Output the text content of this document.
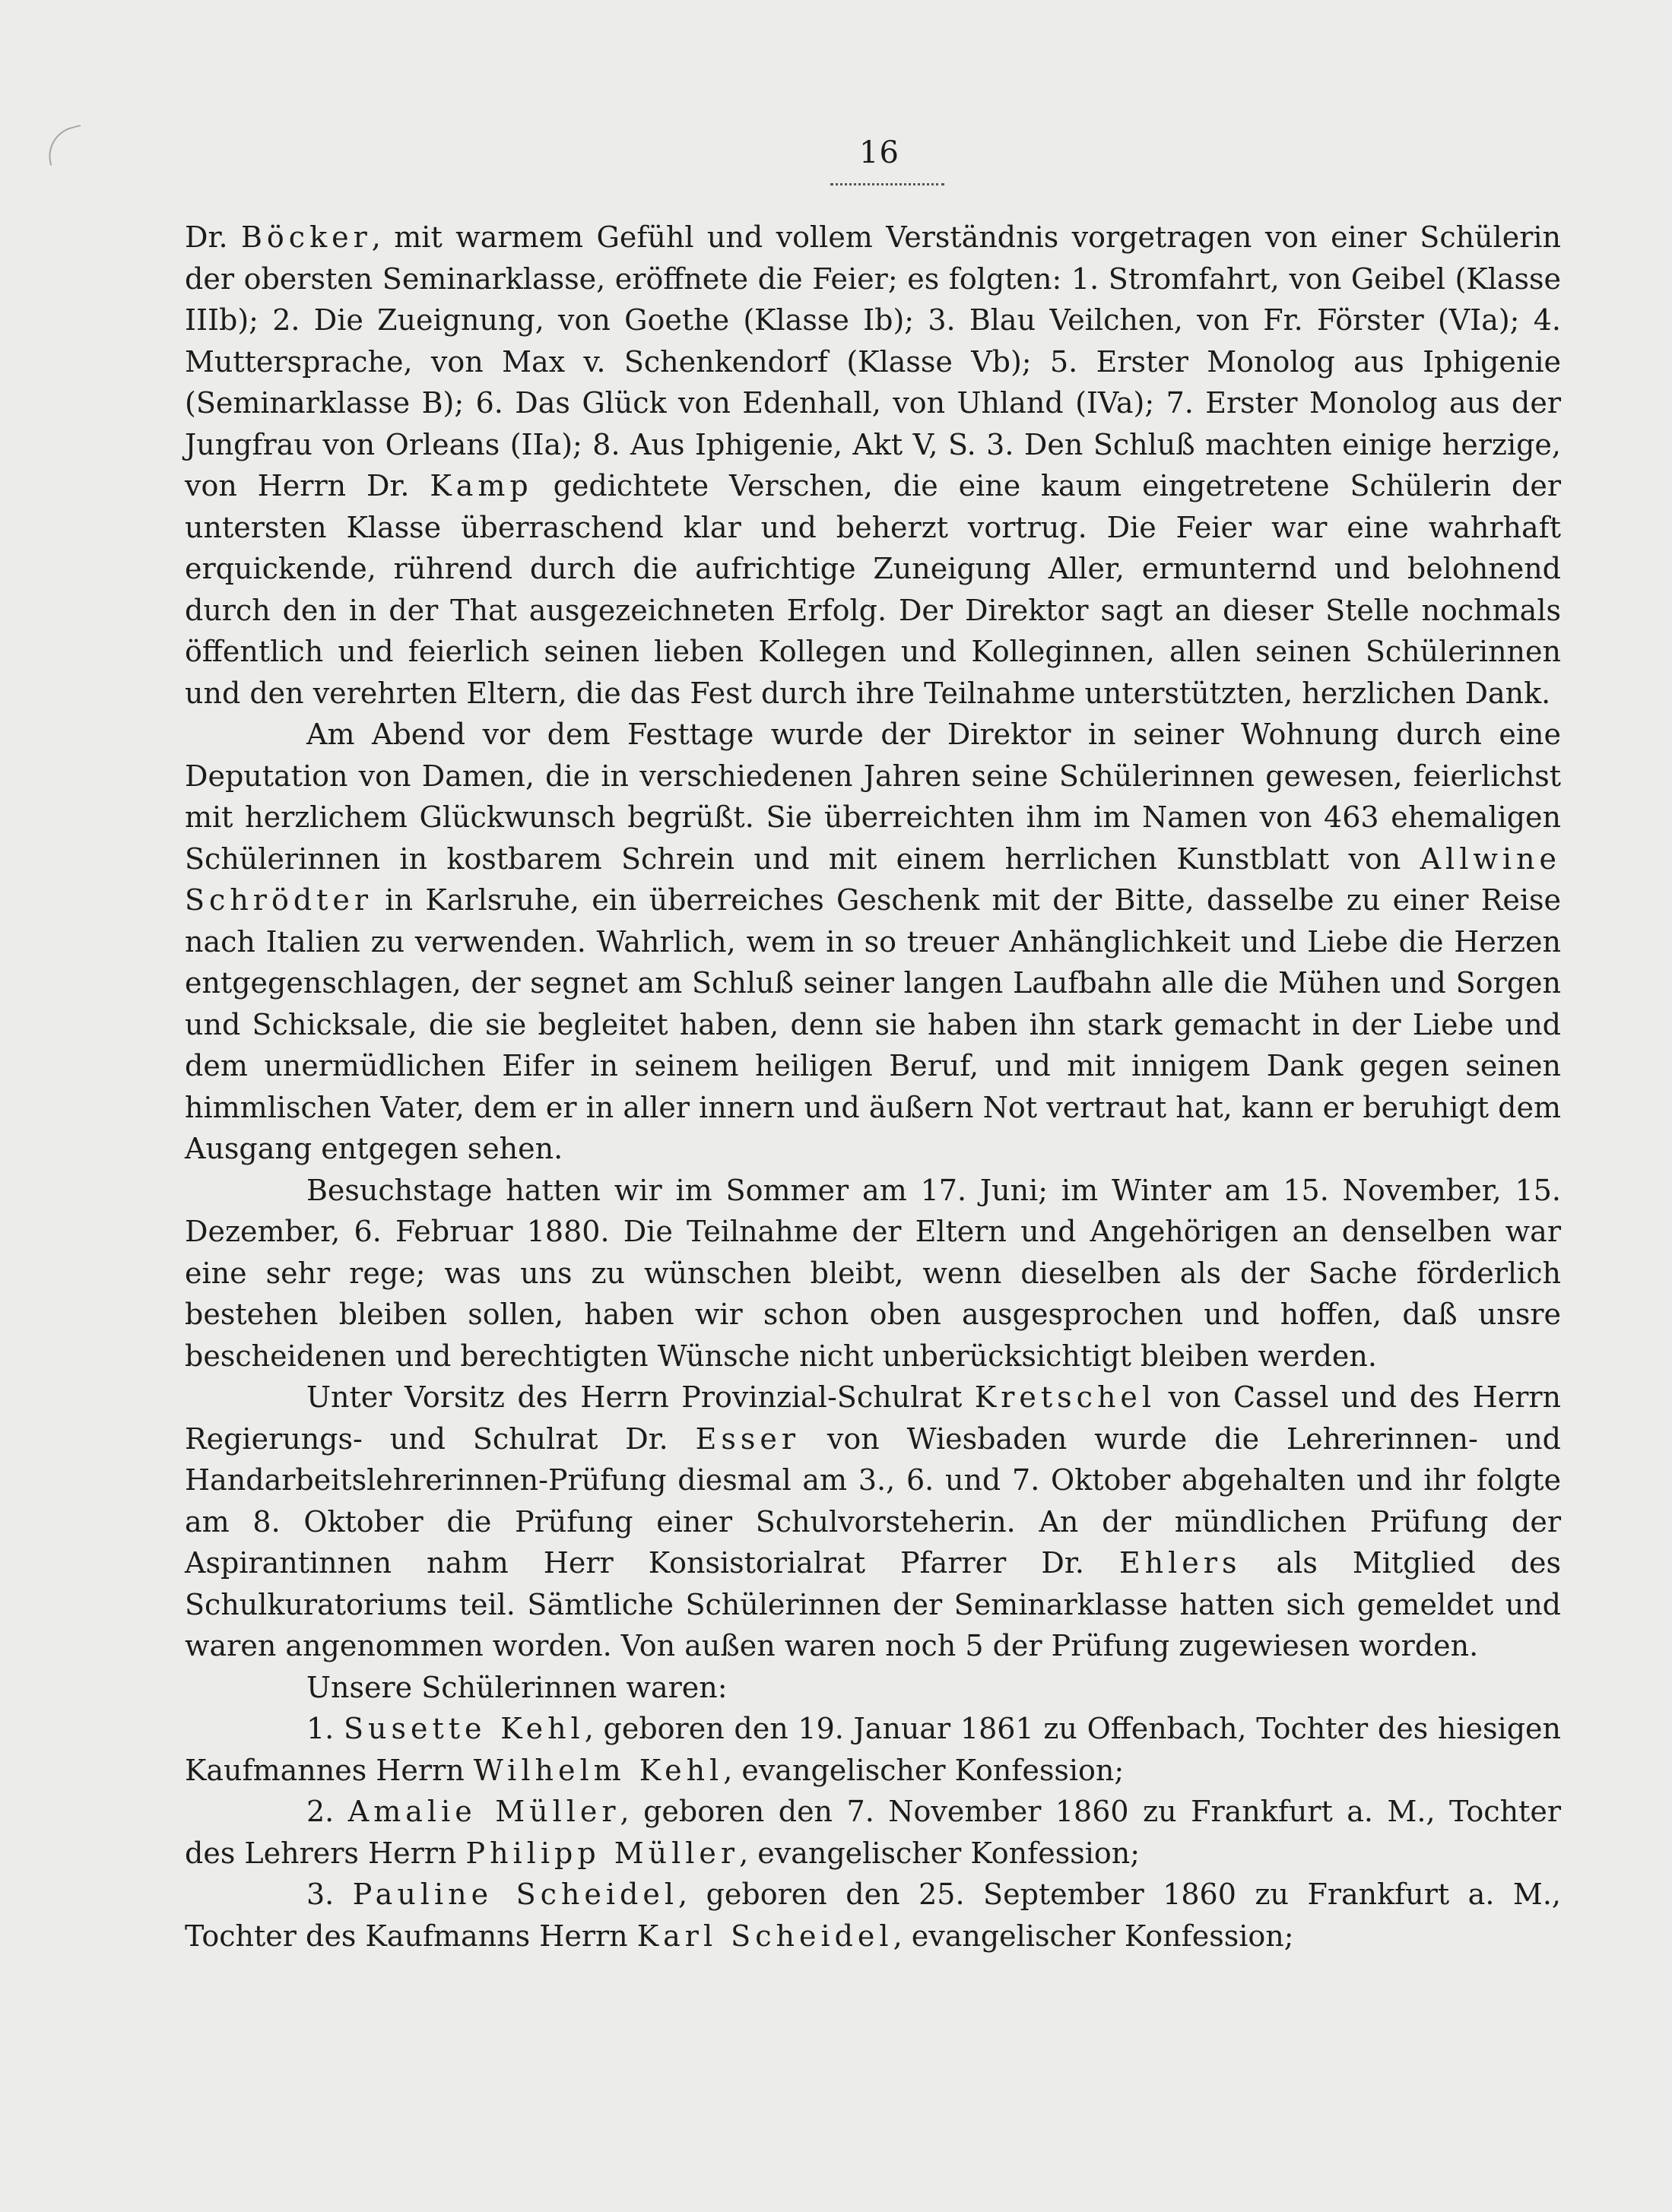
16

Dr. Böcker, mit warmem Gefühl und vollem Verständnis vorgetragen von einer Schülerin der obersten Seminarklasse, eröffnete die Feier; es folgten: 1. Stromfahrt, von Geibel (Klasse IIIb); 2. Die Zueignung, von Goethe (Klasse Ib); 3. Blau Veilchen, von Fr. Förster (VIa); 4. Muttersprache, von Max v. Schenkendorf (Klasse Vb); 5. Erster Monolog aus Iphigenie (Seminarklasse B); 6. Das Glück von Edenhall, von Uhland (IVa); 7. Erster Monolog aus der Jungfrau von Orleans (IIa); 8. Aus Iphigenie, Akt V, S. 3. Den Schluß machten einige herzige, von Herrn Dr. Kamp gedichtete Verschen, die eine kaum eingetretene Schülerin der untersten Klasse überraschend klar und beherzt vortrug. Die Feier war eine wahrhaft erquickende, rührend durch die aufrichtige Zuneigung Aller, ermunternd und belohnend durch den in der That ausgezeichneten Erfolg. Der Direktor sagt an dieser Stelle nochmals öffentlich und feierlich seinen lieben Kollegen und Kolleginnen, allen seinen Schülerinnen und den verehrten Eltern, die das Fest durch ihre Teilnahme unterstützten, herzlichen Dank.

Am Abend vor dem Festtage wurde der Direktor in seiner Wohnung durch eine Deputation von Damen, die in verschiedenen Jahren seine Schülerinnen gewesen, feierlichst mit herzlichem Glückwunsch begrüßt. Sie überreichten ihm im Namen von 463 ehemaligen Schülerinnen in kostbarem Schrein und mit einem herrlichen Kunstblatt von Allwine Schrödter in Karlsruhe, ein überreiches Geschenk mit der Bitte, dasselbe zu einer Reise nach Italien zu verwenden. Wahrlich, wem in so treuer Anhänglichkeit und Liebe die Herzen entgegenschlagen, der segnet am Schluß seiner langen Laufbahn alle die Mühen und Sorgen und Schicksale, die sie begleitet haben, denn sie haben ihn stark gemacht in der Liebe und dem unermüdlichen Eifer in seinem heiligen Beruf, und mit innigem Dank gegen seinen himmlischen Vater, dem er in aller innern und äußern Not vertraut hat, kann er beruhigt dem Ausgang entgegen sehen.

Besuchstage hatten wir im Sommer am 17. Juni; im Winter am 15. November, 15. Dezember, 6. Februar 1880. Die Teilnahme der Eltern und Angehörigen an denselben war eine sehr rege; was uns zu wünschen bleibt, wenn dieselben als der Sache förderlich bestehen bleiben sollen, haben wir schon oben ausgesprochen und hoffen, daß unsre bescheidenen und berechtigten Wünsche nicht unberücksichtigt bleiben werden.

Unter Vorsitz des Herrn Provinzial-Schulrat Kretschel von Cassel und des Herrn Regierungs- und Schulrat Dr. Esser von Wiesbaden wurde die Lehrerinnen- und Handarbeitslehrerinnen-Prüfung diesmal am 3., 6. und 7. Oktober abgehalten und ihr folgte am 8. Oktober die Prüfung einer Schulvorsteherin. An der mündlichen Prüfung der Aspirantinnen nahm Herr Konsistorialrat Pfarrer Dr. Ehlers als Mitglied des Schulkuratoriums teil. Sämtliche Schülerinnen der Seminarklasse hatten sich gemeldet und waren angenommen worden. Von außen waren noch 5 der Prüfung zugewiesen worden.

Unsere Schülerinnen waren:

1. Susette Kehl, geboren den 19. Januar 1861 zu Offenbach, Tochter des hiesigen Kaufmannes Herrn Wilhelm Kehl, evangelischer Konfession;

2. Amalie Müller, geboren den 7. November 1860 zu Frankfurt a. M., Tochter des Lehrers Herrn Philipp Müller, evangelischer Konfession;

3. Pauline Scheidel, geboren den 25. September 1860 zu Frankfurt a. M., Tochter des Kaufmanns Herrn Karl Scheidel, evangelischer Konfession;
